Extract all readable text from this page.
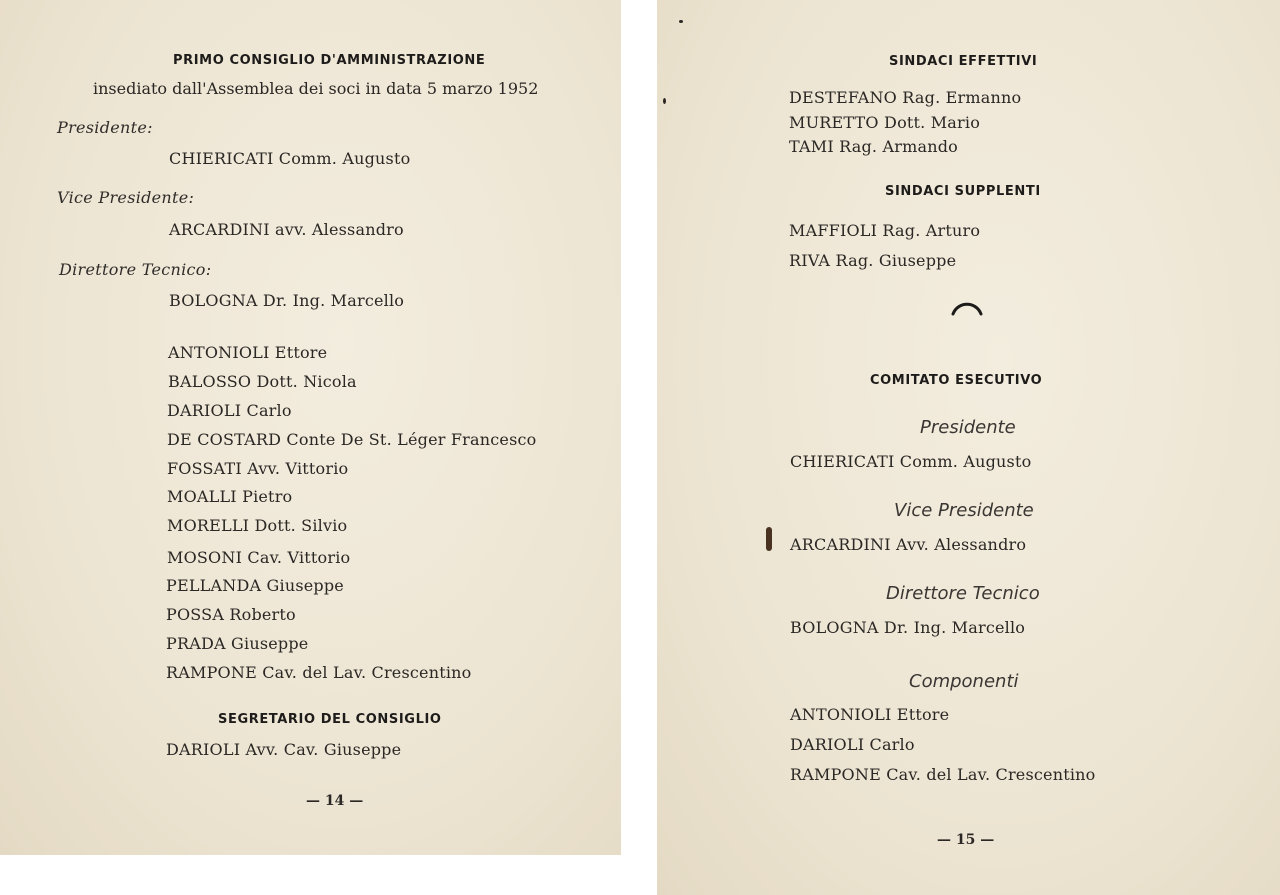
PRIMO CONSIGLIO D'AMMINISTRAZIONE
insediato dall'Assemblea dei soci in data 5 marzo 1952
Presidente:
CHIERICATI Comm. Augusto
Vice Presidente:
ARCARDINI avv. Alessandro
Direttore Tecnico:
BOLOGNA Dr. Ing. Marcello
ANTONIOLI Ettore
BALOSSO Dott. Nicola
DARIOLI Carlo
DE COSTARD Conte De St. Léger Francesco
FOSSATI Avv. Vittorio
MOALLI Pietro
MORELLI Dott. Silvio
MOSONI Cav. Vittorio
PELLANDA Giuseppe
POSSA Roberto
PRADA Giuseppe
RAMPONE Cav. del Lav. Crescentino
SEGRETARIO DEL CONSIGLIO
DARIOLI Avv. Cav. Giuseppe
— 14 —
SINDACI EFFETTIVI
DESTEFANO Rag. Ermanno
MURETTO Dott. Mario
TAMI Rag. Armando
SINDACI SUPPLENTI
MAFFIOLI Rag. Arturo
RIVA Rag. Giuseppe
COMITATO ESECUTIVO
Presidente
CHIERICATI Comm. Augusto
Vice Presidente
ARCARDINI Avv. Alessandro
Direttore Tecnico
BOLOGNA Dr. Ing. Marcello
Componenti
ANTONIOLI Ettore
DARIOLI Carlo
RAMPONE Cav. del Lav. Crescentino
— 15 —
